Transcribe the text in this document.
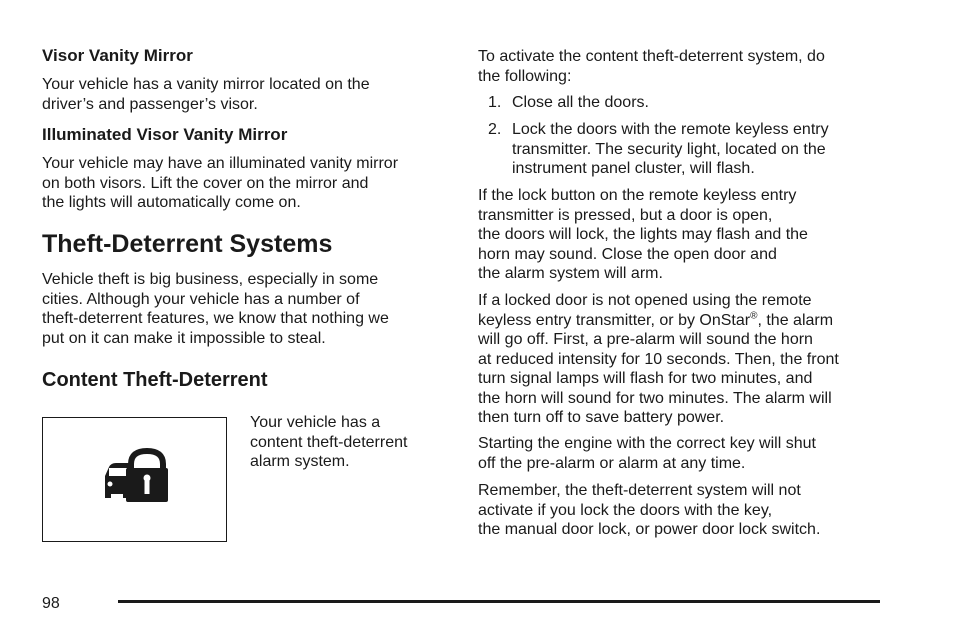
Visor Vanity Mirror
Your vehicle has a vanity mirror located on the
driver’s and passenger’s visor.
Illuminated Visor Vanity Mirror
Your vehicle may have an illuminated vanity mirror
on both visors. Lift the cover on the mirror and
the lights will automatically come on.
Theft-Deterrent Systems
Vehicle theft is big business, especially in some
cities. Although your vehicle has a number of
theft-deterrent features, we know that nothing we
put on it can make it impossible to steal.
Content Theft-Deterrent
Your vehicle has a
content theft-deterrent
alarm system.
To activate the content theft-deterrent system, do
the following:
1. Close all the doors.
2. Lock the doors with the remote keyless entry
transmitter. The security light, located on the
instrument panel cluster, will flash.
If the lock button on the remote keyless entry
transmitter is pressed, but a door is open,
the doors will lock, the lights may flash and the
horn may sound. Close the open door and
the alarm system will arm.
If a locked door is not opened using the remote
keyless entry transmitter, or by OnStar®, the alarm
will go off. First, a pre-alarm will sound the horn
at reduced intensity for 10 seconds. Then, the front
turn signal lamps will flash for two minutes, and
the horn will sound for two minutes. The alarm will
then turn off to save battery power.
Starting the engine with the correct key will shut
off the pre-alarm or alarm at any time.
Remember, the theft-deterrent system will not
activate if you lock the doors with the key,
the manual door lock, or power door lock switch.
98
